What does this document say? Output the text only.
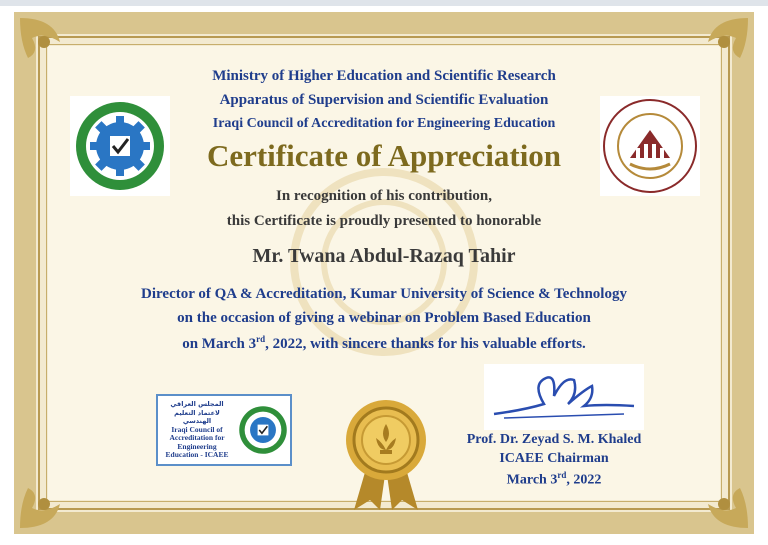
Ministry of Higher Education and Scientific Research
Apparatus of Supervision and Scientific Evaluation
Iraqi Council of Accreditation for Engineering Education
Certificate of Appreciation
In recognition of his contribution,
this Certificate is proudly presented to honorable
Mr. Twana Abdul-Razaq Tahir
Director of QA & Accreditation, Kumar University of Science & Technology
on the occasion of giving a webinar on Problem Based Education
on March 3rd, 2022, with sincere thanks for his valuable efforts.
المجلس العراقي لاعتماد التعليم الهندسي
Iraqi Council of Accreditation for Engineering Education - ICAEE
Prof. Dr. Zeyad S. M. Khaled
ICAEE Chairman
March 3rd, 2022
